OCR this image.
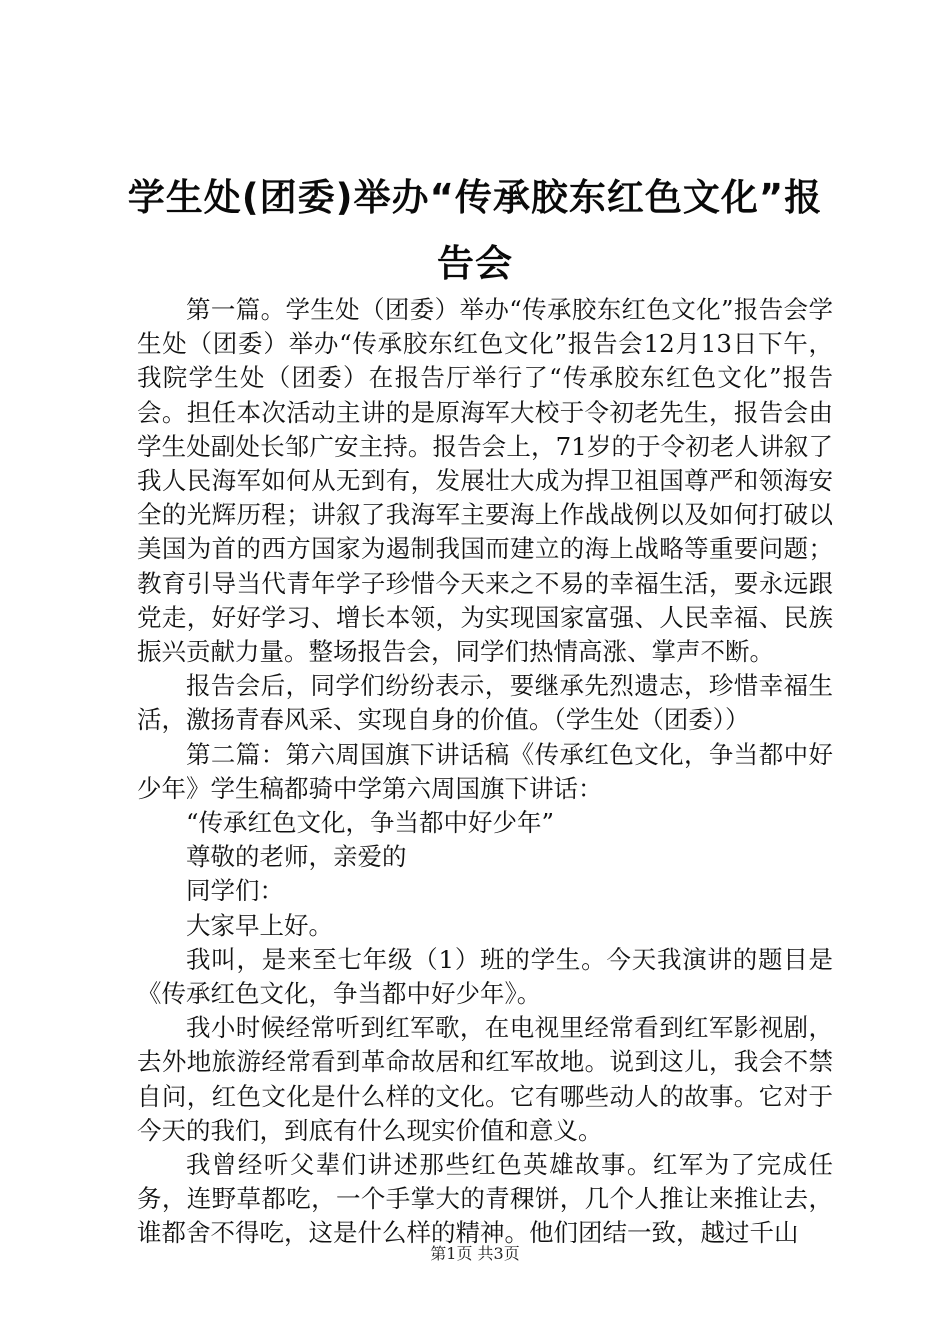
学生处(团委)举办“传承胶东红色文化”报告会

第一篇。学生处（团委）举办“传承胶东红色文化”报告会学生处（团委）举办“传承胶东红色文化”报告会12月13日下午，我院学生处（团委）在报告厅举行了“传承胶东红色文化”报告会。担任本次活动主讲的是原海军大校于令初老先生，报告会由学生处副处长邹广安主持。报告会上，71岁的于令初老人讲叙了我人民海军如何从无到有，发展壮大成为捍卫祖国尊严和领海安全的光辉历程；讲叙了我海军主要海上作战战例以及如何打破以美国为首的西方国家为遏制我国而建立的海上战略等重要问题；教育引导当代青年学子珍惜今天来之不易的幸福生活，要永远跟党走，好好学习、增长本领，为实现国家富强、人民幸福、民族振兴贡献力量。整场报告会，同学们热情高涨、掌声不断。

报告会后，同学们纷纷表示，要继承先烈遗志，珍惜幸福生活，激扬青春风采、实现自身的价值。（学生处（团委））

第二篇：第六周国旗下讲话稿《传承红色文化，争当都中好少年》学生稿都骑中学第六周国旗下讲话：

“传承红色文化，争当都中好少年”

尊敬的老师，亲爱的

同学们：

大家早上好。

我叫，是来至七年级（1）班的学生。今天我演讲的题目是《传承红色文化，争当都中好少年》。

我小时候经常听到红军歌，在电视里经常看到红军影视剧，去外地旅游经常看到革命故居和红军故地。说到这儿，我会不禁自问，红色文化是什么样的文化。它有哪些动人的故事。它对于今天的我们，到底有什么现实价值和意义。

我曾经听父辈们讲述那些红色英雄故事。红军为了完成任务，连野草都吃，一个手掌大的青稞饼，几个人推让来推让去，谁都舍不得吃，这是什么样的精神。他们团结一致，越过千山

第1页 共3页
